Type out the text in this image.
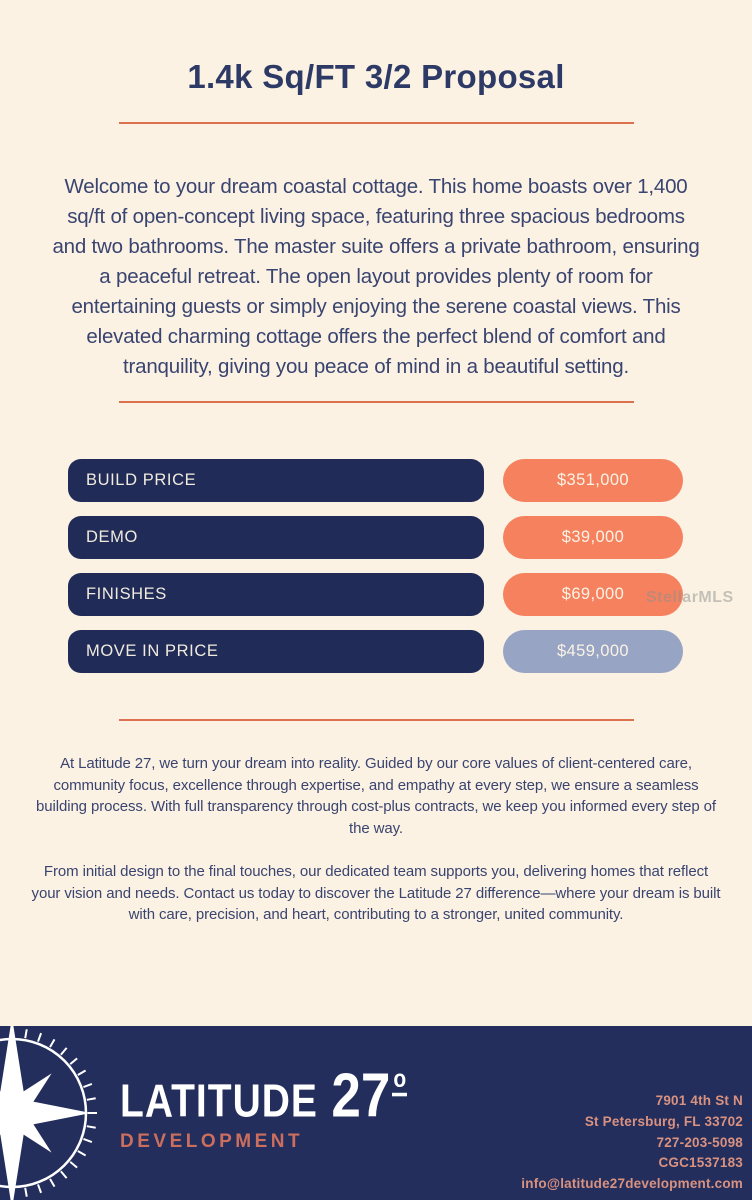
1.4k Sq/FT 3/2 Proposal
Welcome to your dream coastal cottage. This home boasts over 1,400 sq/ft of open-concept living space, featuring three spacious bedrooms and two bathrooms. The master suite offers a private bathroom, ensuring a peaceful retreat. The open layout provides plenty of room for entertaining guests or simply enjoying the serene coastal views. This elevated charming cottage offers the perfect blend of comfort and tranquility, giving you peace of mind in a beautiful setting.
BUILD PRICE	$351,000
DEMO	$39,000
FINISHES	$69,000
MOVE IN PRICE	$459,000
StellarMLS
At Latitude 27, we turn your dream into reality. Guided by our core values of client-centered care, community focus, excellence through expertise, and empathy at every step, we ensure a seamless building process. With full transparency through cost-plus contracts, we keep you informed every step of the way.
From initial design to the final touches, our dedicated team supports you, delivering homes that reflect your vision and needs. Contact us today to discover the Latitude 27 difference—where your dream is built with care, precision, and heart, contributing to a stronger, united community.
LATITUDE 27 o
DEVELOPMENT
7901 4th St N
St Petersburg, FL 33702
727-203-5098
CGC1537183
info@latitude27development.com
